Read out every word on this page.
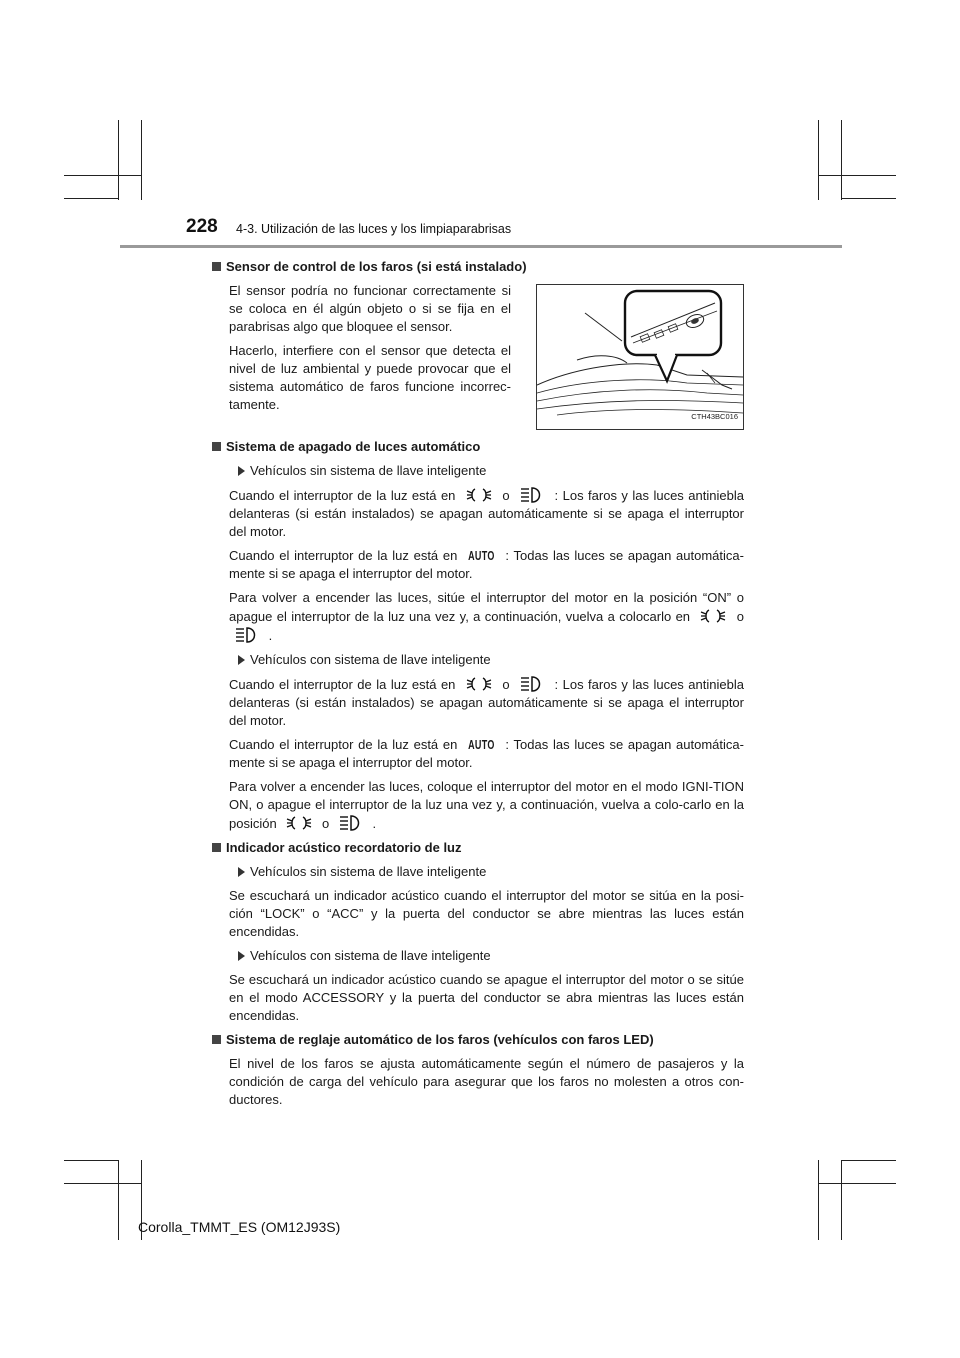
228 4-3. Utilización de las luces y los limpiaparabrisas
Sensor de control de los faros (si está instalado)

El sensor podría no funcionar correctamente si se coloca en él algún objeto o si se fija en el parabrisas algo que bloquee el sensor.

Hacerlo, interfiere con el sensor que detecta el nivel de luz ambiental y puede provocar que el sistema automático de faros funcione incorrec-tamente.

CTH43BC016
Sistema de apagado de luces automático
Vehículos sin sistema de llave inteligente

Cuando el interruptor de la luz está en	o	: Los faros y las luces antiniebla delanteras (si están instalados) se apagan automáticamente si se apaga el interruptor del motor.

Cuando el interruptor de la luz está en AUTO : Todas las luces se apagan automática-mente si se apaga el interruptor del motor.

Para volver a encender las luces, sitúe el interruptor del motor en la posición “ON” o apague el interruptor de la luz una vez y, a continuación, vuelva a colocarlo en	o  .

Vehículos con sistema de llave inteligente

Cuando el interruptor de la luz está en	o	: Los faros y las luces antiniebla delanteras (si están instalados) se apagan automáticamente si se apaga el interruptor del motor.

Cuando el interruptor de la luz está en AUTO : Todas las luces se apagan automática-mente si se apaga el interruptor del motor.

Para volver a encender las luces, coloque el interruptor del motor en el modo IGNI-TION ON, o apague el interruptor de la luz una vez y, a continuación, vuelva a colo-carlo en la posición	o	.

Indicador acústico recordatorio de luz
Vehículos sin sistema de llave inteligente

Se escuchará un indicador acústico cuando el interruptor del motor se sitúa en la posi-ción “LOCK” o “ACC” y la puerta del conductor se abre mientras las luces están encendidas.

Vehículos con sistema de llave inteligente

Se escuchará un indicador acústico cuando se apague el interruptor del motor o se sitúe en el modo ACCESSORY y la puerta del conductor se abra mientras las luces están encendidas.

Sistema de reglaje automático de los faros (vehículos con faros LED)

El nivel de los faros se ajusta automáticamente según el número de pasajeros y la condición de carga del vehículo para asegurar que los faros no molesten a otros con-ductores.

Corolla_TMMT_ES (OM12J93S)
